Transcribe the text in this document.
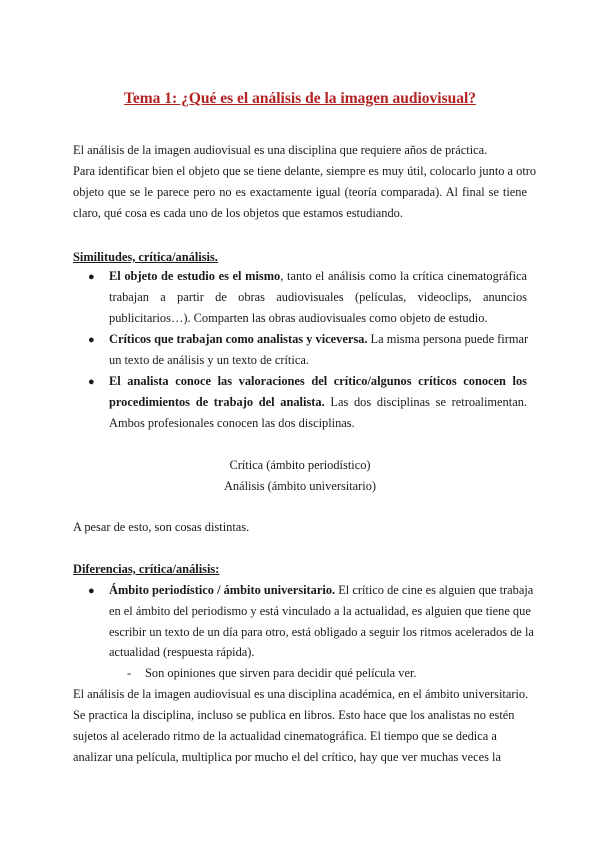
Tema 1: ¿Qué es el análisis de la imagen audiovisual?
El análisis de la imagen audiovisual es una disciplina que requiere años de práctica.
Para identificar bien el objeto que se tiene delante, siempre es muy útil, colocarlo junto a otro
objeto que se le parece pero no es exactamente igual (teoría comparada). Al final se tiene
claro, qué cosa es cada uno de los objetos que estamos estudiando.
Similitudes, crítica/análisis.
● El objeto de estudio es el mismo, tanto el análisis como la crítica cinematográfica
trabajan a partir de obras audiovisuales (películas, videoclips, anuncios
publicitarios…). Comparten las obras audiovisuales como objeto de estudio.
● Críticos que trabajan como analistas y viceversa. La misma persona puede firmar
un texto de análisis y un texto de crítica.
● El analista conoce las valoraciones del crítico/algunos críticos conocen los
procedimientos de trabajo del analista. Las dos disciplinas se retroalimentan.
Ambos profesionales conocen las dos disciplinas.
Crítica (ámbito periodístico)
Análisis (ámbito universitario)
A pesar de esto, son cosas distintas.
Diferencias, crítica/análisis:
● Ámbito periodístico / ámbito universitario. El crítico de cine es alguien que trabaja
en el ámbito del periodismo y está vinculado a la actualidad, es alguien que tiene que
escribir un texto de un día para otro, está obligado a seguir los ritmos acelerados de la
actualidad (respuesta rápida).
- Son opiniones que sirven para decidir qué película ver.
El análisis de la imagen audiovisual es una disciplina académica, en el ámbito universitario.
Se practica la disciplina, incluso se publica en libros. Esto hace que los analistas no estén
sujetos al acelerado ritmo de la actualidad cinematográfica. El tiempo que se dedica a
analizar una película, multiplica por mucho el del crítico, hay que ver muchas veces la
